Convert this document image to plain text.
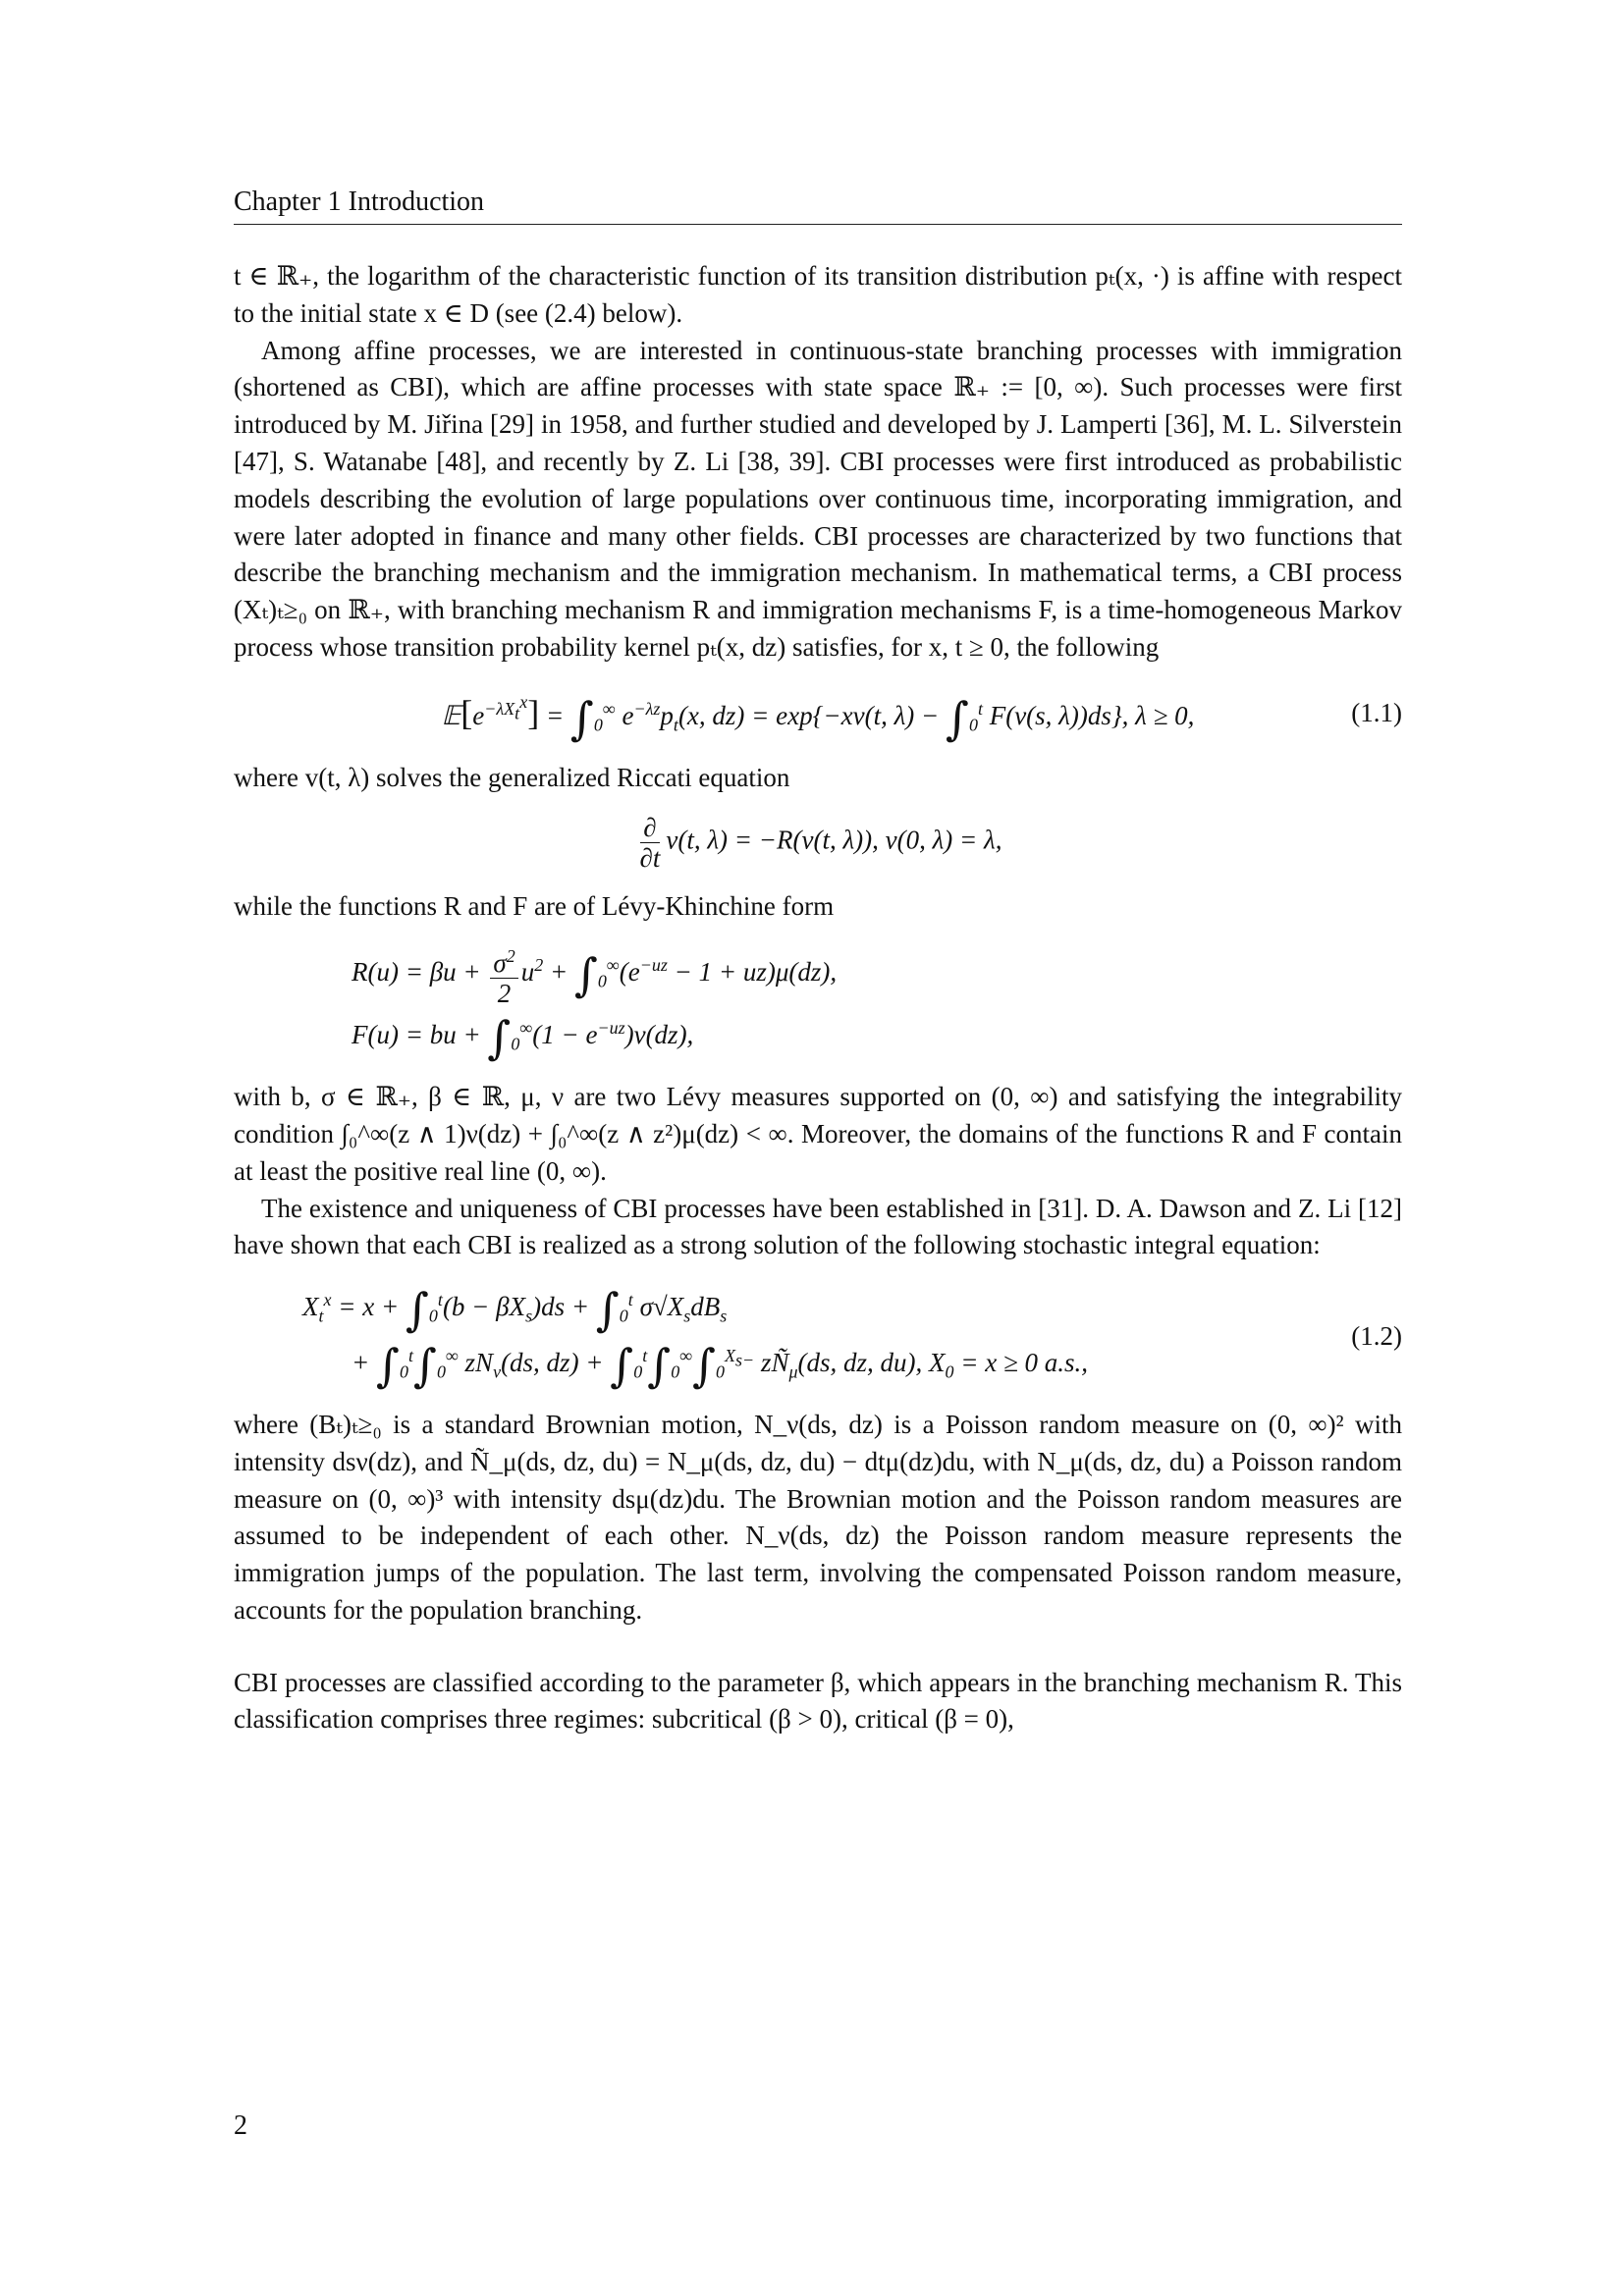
Chapter 1 Introduction

t ∈ ℝ₊, the logarithm of the characteristic function of its transition distribution pₜ(x, ·) is affine with respect to the initial state x ∈ D (see (2.4) below).

Among affine processes, we are interested in continuous-state branching processes with immigration (shortened as CBI), which are affine processes with state space ℝ₊ := [0, ∞). Such processes were first introduced by M. Jiřina [29] in 1958, and further studied and developed by J. Lamperti [36], M. L. Silverstein [47], S. Watanabe [48], and recently by Z. Li [38, 39]. CBI processes were first introduced as probabilistic models describing the evolution of large populations over continuous time, incorporating immigration, and were later adopted in finance and many other fields. CBI processes are characterized by two functions that describe the branching mechanism and the immigration mechanism. In mathematical terms, a CBI process (Xₜ)ₜ≥₀ on ℝ₊, with branching mechanism R and immigration mechanisms F, is a time-homogeneous Markov process whose transition probability kernel pₜ(x, dz) satisfies, for x, t ≥ 0, the following

$𝔼[e^{-\lambda X_t^x}] = \int_0^\infty$ $e^{-\lambda z}p_t(x$, dz) = exp{−xv(t, $\lambda) - \int_0^t$ F(v(s, λ))ds}, λ ≥ 0,	(1.1)

where v(t, λ) solves the generalized Riccati equation

$\frac{\partial}{\partial t} v(t$, λ) = −R(v(t, λ)), v(0, λ) = λ,

while the functions R and F are of Lévy-Khinchine form

$R(u) = \beta u + \frac{\sigma^2}{2} u^2 + \int_0^\infty(e^{-uz} - 1 + uz)\mu(dz)$,
F(u) = bu + $\int_0^\infty(1 - e^{-uz})\nu(dz)$,

with b, σ ∈ ℝ₊, β ∈ ℝ, μ, ν are two Lévy measures supported on (0, ∞) and satisfying the integrability condition ∫₀^∞(z ∧ 1)ν(dz) + ∫₀^∞(z ∧ z²)μ(dz) < ∞. Moreover, the domains of the functions R and F contain at least the positive real line (0, ∞).

The existence and uniqueness of CBI processes have been established in [31]. D. A. Dawson and Z. Li [12] have shown that each CBI is realized as a strong solution of the following stochastic integral equation:

$X_t^x = x + \int_0^t(b - \beta X_s)ds + \int_0^t$ $\sigma√X_sdB_s$
+ $\int_0^t\int_0^\infty$ $zN_\nu(ds$, $dz) + \int_0^t\int_0^\infty\int_0^{X_{s-}}$ $zÑ_\mu(ds$, dz, du), $X_0 = x \ge 0$ a.s.,
(1.2)

where (Bₜ)ₜ≥₀ is a standard Brownian motion, N_ν(ds, dz) is a Poisson random measure on (0, ∞)² with intensity dsν(dz), and Ñ_μ(ds, dz, du) = N_μ(ds, dz, du) − dtμ(dz)du, with N_μ(ds, dz, du) a Poisson random measure on (0, ∞)³ with intensity dsμ(dz)du. The Brownian motion and the Poisson random measures are assumed to be independent of each other. N_ν(ds, dz) the Poisson random measure represents the immigration jumps of the population. The last term, involving the compensated Poisson random measure, accounts for the population branching.

CBI processes are classified according to the parameter β, which appears in the branching mechanism R. This classification comprises three regimes: subcritical (β > 0), critical (β = 0),

2
